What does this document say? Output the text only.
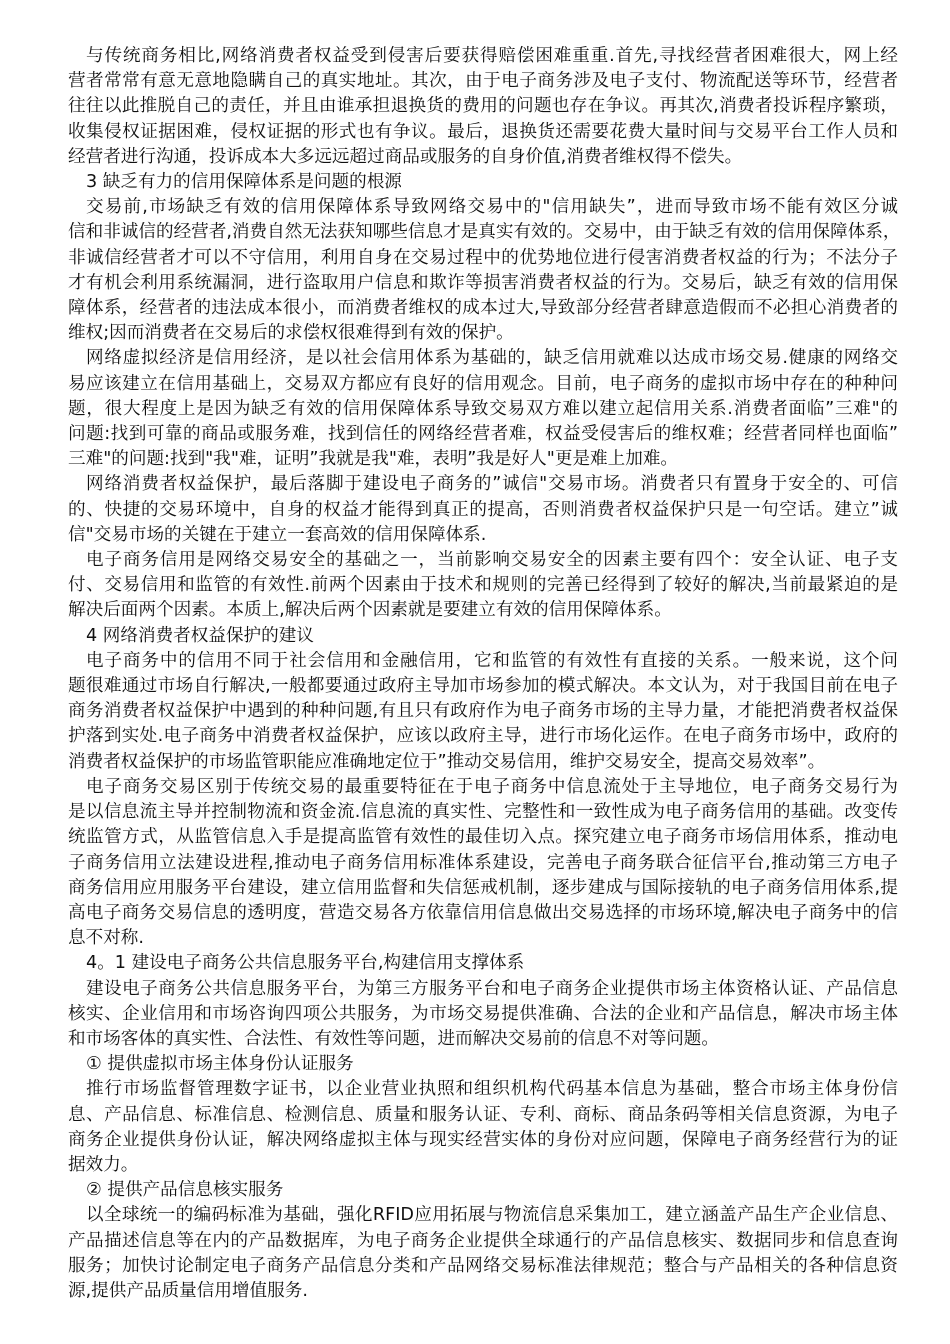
与传统商务相比,网络消费者权益受到侵害后要获得赔偿困难重重.首先,寻找经营者困难很大，网上经

营者常常有意无意地隐瞒自己的真实地址。其次，由于电子商务涉及电子支付、物流配送等环节，经营者

往往以此推脱自己的责任，并且由谁承担退换货的费用的问题也存在争议。再其次,消费者投诉程序繁琐，

收集侵权证据困难，侵权证据的形式也有争议。最后，退换货还需要花费大量时间与交易平台工作人员和

经营者进行沟通，投诉成本大多远远超过商品或服务的自身价值,消费者维权得不偿失。

3 缺乏有力的信用保障体系是问题的根源

交易前,市场缺乏有效的信用保障体系导致网络交易中的"信用缺失”，进而导致市场不能有效区分诚

信和非诚信的经营者,消费自然无法获知哪些信息才是真实有效的。交易中，由于缺乏有效的信用保障体系，

非诚信经营者才可以不守信用，利用自身在交易过程中的优势地位进行侵害消费者权益的行为；不法分子

才有机会利用系统漏洞，进行盗取用户信息和欺诈等损害消费者权益的行为。交易后，缺乏有效的信用保

障体系，经营者的违法成本很小，而消费者维权的成本过大,导致部分经营者肆意造假而不必担心消费者的

维权;因而消费者在交易后的求偿权很难得到有效的保护。

网络虚拟经济是信用经济，是以社会信用体系为基础的，缺乏信用就难以达成市场交易.健康的网络交

易应该建立在信用基础上，交易双方都应有良好的信用观念。目前，电子商务的虚拟市场中存在的种种问

题，很大程度上是因为缺乏有效的信用保障体系导致交易双方难以建立起信用关系.消费者面临”三难"的

问题:找到可靠的商品或服务难，找到信任的网络经营者难，权益受侵害后的维权难；经营者同样也面临”

三难"的问题:找到"我"难，证明”我就是我"难，表明”我是好人"更是难上加难。

网络消费者权益保护，最后落脚于建设电子商务的”诚信"交易市场。消费者只有置身于安全的、可信

的、快捷的交易环境中，自身的权益才能得到真正的提高，否则消费者权益保护只是一句空话。建立”诚

信"交易市场的关键在于建立一套高效的信用保障体系.

电子商务信用是网络交易安全的基础之一，当前影响交易安全的因素主要有四个：安全认证、电子支

付、交易信用和监管的有效性.前两个因素由于技术和规则的完善已经得到了较好的解决,当前最紧迫的是

解决后面两个因素。本质上,解决后两个因素就是要建立有效的信用保障体系。

4 网络消费者权益保护的建议

电子商务中的信用不同于社会信用和金融信用，它和监管的有效性有直接的关系。一般来说，这个问

题很难通过市场自行解决,一般都要通过政府主导加市场参加的模式解决。本文认为，对于我国目前在电子

商务消费者权益保护中遇到的种种问题,有且只有政府作为电子商务市场的主导力量，才能把消费者权益保

护落到实处.电子商务中消费者权益保护，应该以政府主导，进行市场化运作。在电子商务市场中，政府的

消费者权益保护的市场监管职能应准确地定位于”推动交易信用，维护交易安全，提高交易效率”。

电子商务交易区别于传统交易的最重要特征在于电子商务中信息流处于主导地位，电子商务交易行为

是以信息流主导并控制物流和资金流.信息流的真实性、完整性和一致性成为电子商务信用的基础。改变传

统监管方式，从监管信息入手是提高监管有效性的最佳切入点。探究建立电子商务市场信用体系，推动电

子商务信用立法建设进程,推动电子商务信用标准体系建设，完善电子商务联合征信平台,推动第三方电子

商务信用应用服务平台建设，建立信用监督和失信惩戒机制，逐步建成与国际接轨的电子商务信用体系,提

高电子商务交易信息的透明度，营造交易各方依靠信用信息做出交易选择的市场环境,解决电子商务中的信

息不对称.

4。1 建设电子商务公共信息服务平台,构建信用支撑体系

建设电子商务公共信息服务平台，为第三方服务平台和电子商务企业提供市场主体资格认证、产品信息

核实、企业信用和市场咨询四项公共服务，为市场交易提供准确、合法的企业和产品信息，解决市场主体

和市场客体的真实性、合法性、有效性等问题，进而解决交易前的信息不对等问题。

① 提供虚拟市场主体身份认证服务

推行市场监督管理数字证书，以企业营业执照和组织机构代码基本信息为基础，整合市场主体身份信

息、产品信息、标准信息、检测信息、质量和服务认证、专利、商标、商品条码等相关信息资源，为电子

商务企业提供身份认证，解决网络虚拟主体与现实经营实体的身份对应问题，保障电子商务经营行为的证

据效力。

② 提供产品信息核实服务

以全球统一的编码标准为基础，强化RFID应用拓展与物流信息采集加工，建立涵盖产品生产企业信息、

产品描述信息等在内的产品数据库，为电子商务企业提供全球通行的产品信息核实、数据同步和信息查询

服务；加快讨论制定电子商务产品信息分类和产品网络交易标准法律规范；整合与产品相关的各种信息资

源,提供产品质量信用增值服务.
